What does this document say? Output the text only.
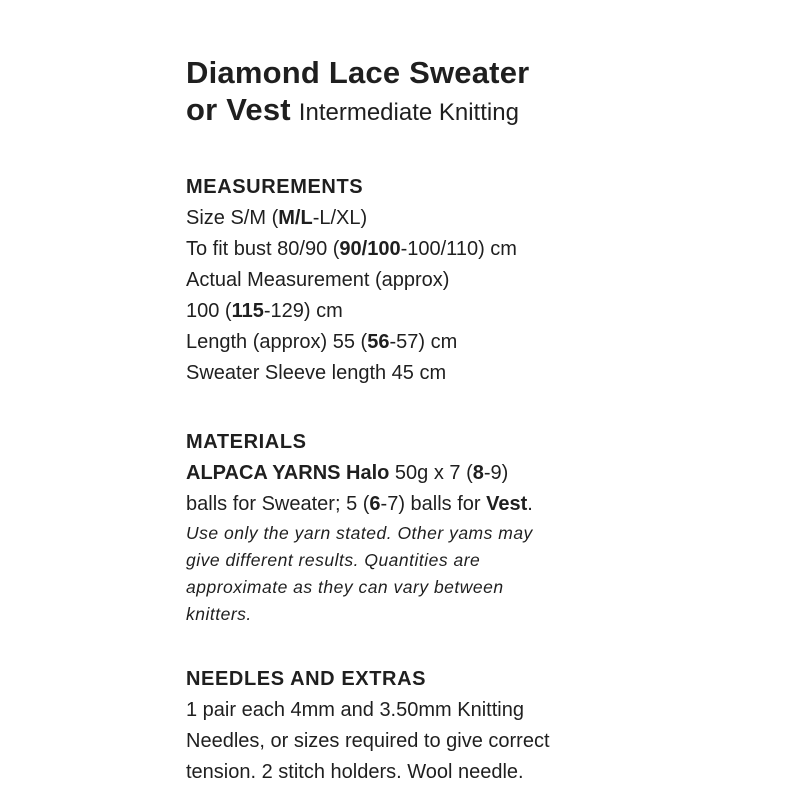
Diamond Lace Sweater

or Vest Intermediate Knitting

MEASUREMENTS

Size S/M (M/L-L/XL)

To fit bust 80/90 (90/100-100/110) cm

Actual Measurement (approx)

100 (115-129) cm

Length (approx) 55 (56-57) cm

Sweater Sleeve length 45 cm

MATERIALS

ALPACA YARNS Halo 50g x 7 (8-9)

balls for Sweater; 5 (6-7) balls for Vest.

Use only the yarn stated. Other yams may

give different results. Quantities are

approximate as they can vary between

knitters.

NEEDLES AND EXTRAS

1 pair each 4mm and 3.50mm Knitting

Needles, or sizes required to give correct

tension. 2 stitch holders. Wool needle.
